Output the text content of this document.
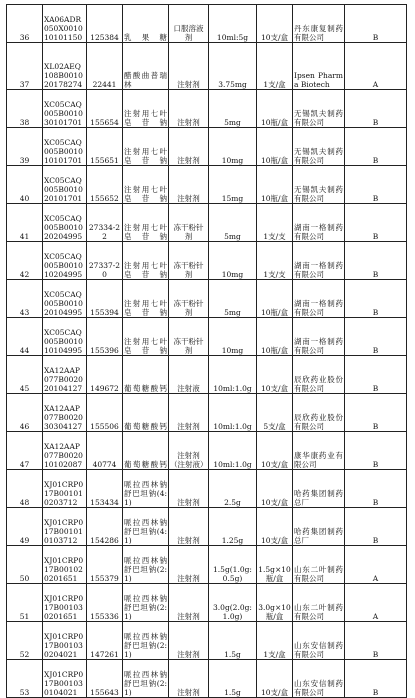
36	XA06ADR 050X0010 10101150	125384	乳果糖	口服溶液剂	10ml:5g	10支/盒	丹东康复制药有限公司	B
37	XL02AEQ 108B0010 20178274	22441	醋酸曲普瑞林	注射剂	3.75mg	1支/盒	Ipsen Pharma Biotech	A
38	XC05CAQ 005B0010 30101701	155654	注射用七叶皂苷钠	注射剂	5mg	10瓶/盒	无锡凯夫制药有限公司	B
39	XC05CAQ 005B0010 10101701	155651	注射用七叶皂苷钠	注射剂	10mg	10瓶/盒	无锡凯夫制药有限公司	B
40	XC05CAQ 005B0010 20101701	155652	注射用七叶皂苷钠	注射剂	15mg	10瓶/盒	无锡凯夫制药有限公司	B
41	XC05CAQ 005B0010 20204995	27334-22	注射用七叶皂苷钠	冻干粉针剂	5mg	1支/支	湖南一格制药有限公司	B
42	XC05CAQ 005B0010 10204995	27337-20	注射用七叶皂苷钠	冻干粉针剂	10mg	1支/支	湖南一格制药有限公司	B
43	XC05CAQ 005B0010 20104995	155394	注射用七叶皂苷钠	冻干粉针剂	5mg	10瓶/盒	湖南一格制药有限公司	B
44	XC05CAQ 005B0010 10104995	155396	注射用七叶皂苷钠	冻干粉针剂	10mg	10瓶/盒	湖南一格制药有限公司	B
45	XA12AAP 077B0020 20104127	149672	葡萄糖酸钙	注射液	10ml:1.0g	10支/盒	辰欣药业股份有限公司	B
46	XA12AAP 077B0020 30304127	155506	葡萄糖酸钙	注射剂	10ml:1.0g	5支/盒	辰欣药业股份有限公司	B
47	XA12AAP 077B0020 10102087	40774	葡萄糖酸钙	注射剂（注射液）	10ml:1.0g	10支/盒	康华康药业有限公司	B
48	XJ01CRP0 17B00101 0203712	153434	哌拉西林钠舒巴坦钠(4:1)	注射剂	2.5g	10支/盒	哈药集团制药总厂	B
49	XJ01CRP0 17B00101 0103712	154286	哌拉西林钠舒巴坦钠(4:1)	注射剂	1.25g	10支/盒	哈药集团制药总厂	B
50	XJ01CRP0 17B00102 0201651	155379	哌拉西林钠舒巴坦钠(2:1)	注射剂	1.5g(1.0g:0.5g)	1.5g×10瓶/盒	山东二叶制药有限公司	A
51	XJ01CRP0 17B00103 0201651	155336	哌拉西林钠舒巴坦钠(2:1)	注射剂	3.0g(2.0g:1.0g)	3.0g×10瓶/盒	山东二叶制药有限公司	A
52	XJ01CRP0 17B00103 0204021	147261	哌拉西林钠舒巴坦钠(2:1)	注射剂	1.5g	1支/盒	山东安信制药有限公司	B
53	XJ01CRP0 17B00103 0104021	155643	哌拉西林钠舒巴坦钠(2:1)	注射剂	1.5g	10支/盒	山东安信制药有限公司	B
